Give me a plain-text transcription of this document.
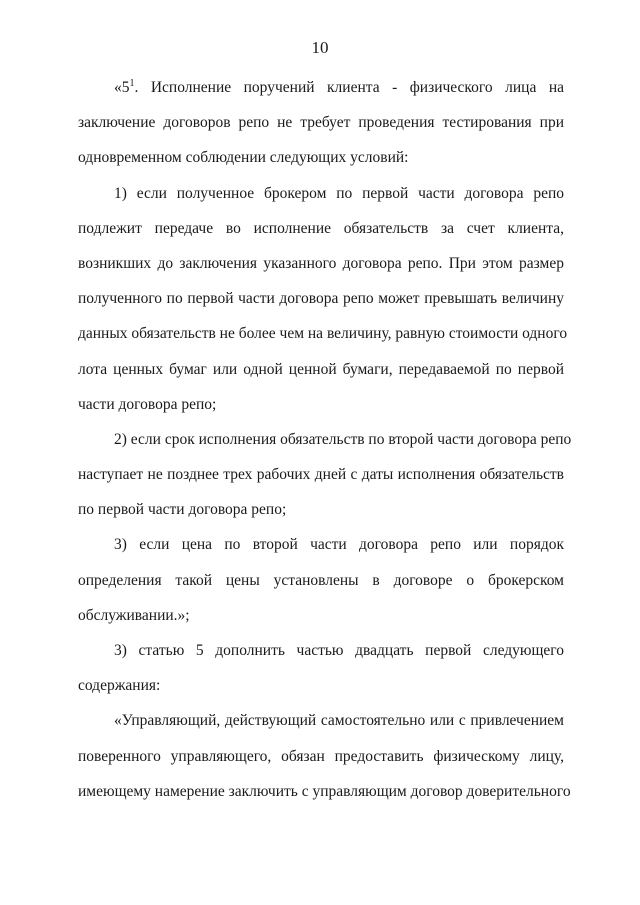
10
«$5^1$. Исполнение поручений клиента - физического лица на
заключение договоров репо не требует проведения тестирования при
одновременном соблюдении следующих условий:
1) если полученное брокером по первой части договора репо
подлежит передаче во исполнение обязательств за счет клиента,
возникших до заключения указанного договора репо. При этом размер
полученного по первой части договора репо может превышать величину
данных обязательств не более чем на величину, равную стоимости одного
лота ценных бумаг или одной ценной бумаги, передаваемой по первой
части договора репо;
2) если срок исполнения обязательств по второй части договора репо
наступает не позднее трех рабочих дней с даты исполнения обязательств
по первой части договора репо;
3) если цена по второй части договора репо или порядок
определения такой цены установлены в договоре о брокерском
обслуживании.»;
3) статью 5 дополнить частью двадцать первой следующего
содержания:
«Управляющий, действующий самостоятельно или с привлечением
поверенного управляющего, обязан предоставить физическому лицу,
имеющему намерение заключить с управляющим договор доверительного
